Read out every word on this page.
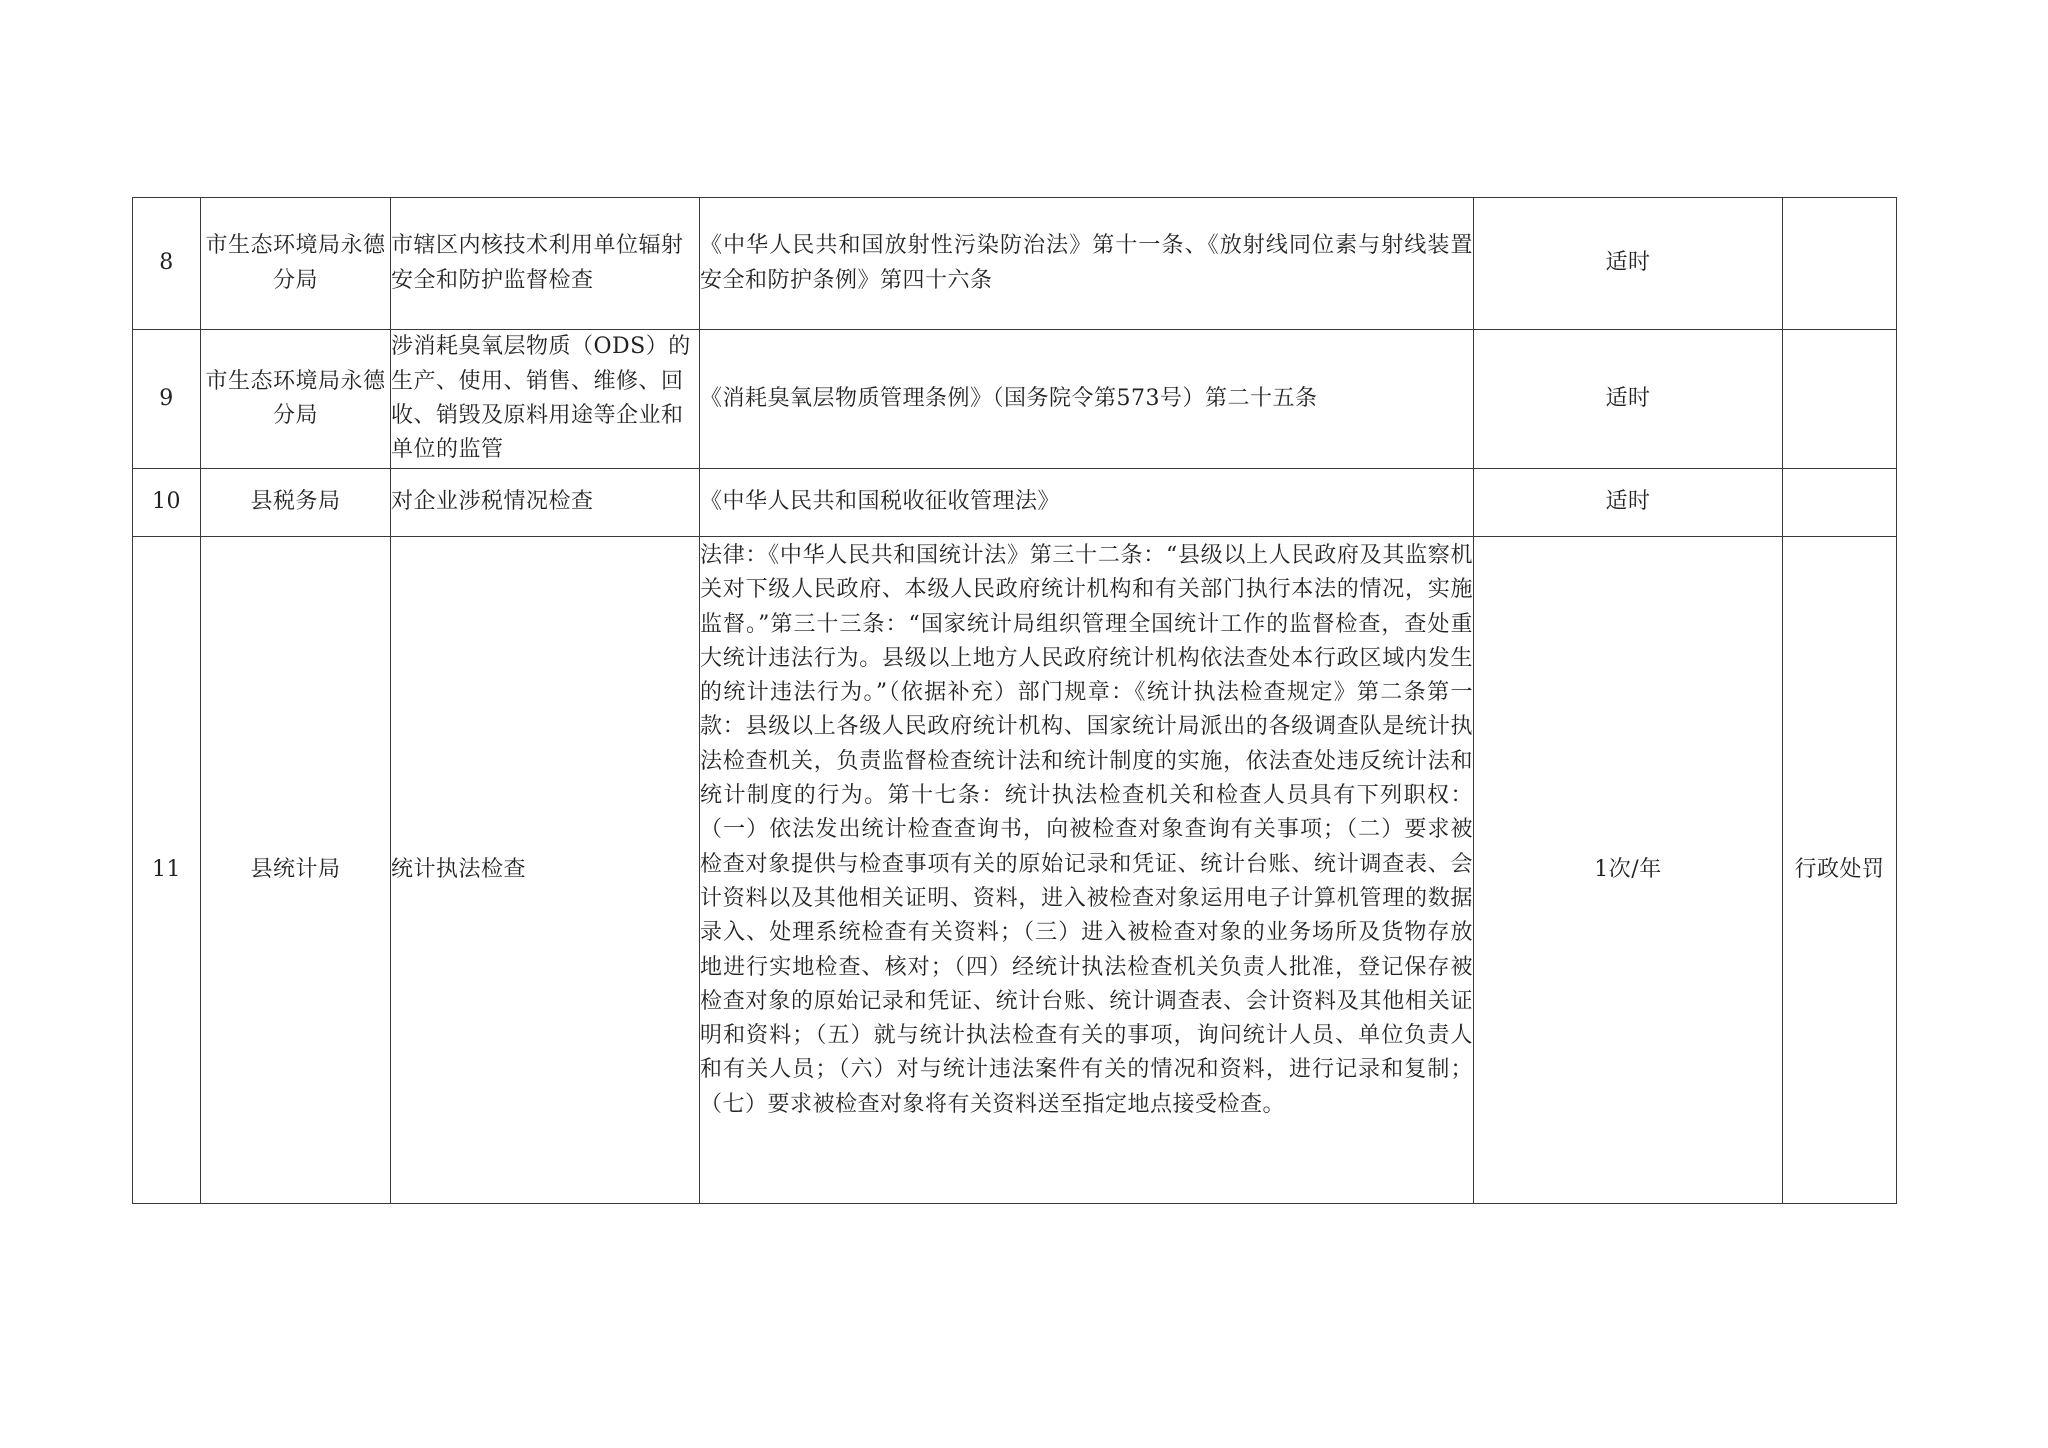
8	市生态环境局永德分局	市辖区内核技术利用单位辐射安全和防护监督检查	《中华人民共和国放射性污染防治法》第十一条、《放射线同位素与射线装置安全和防护条例》第四十六条	适时	
9	市生态环境局永德分局	涉消耗臭氧层物质（ODS）的生产、使用、销售、维修、回收、销毁及原料用途等企业和单位的监管	《消耗臭氧层物质管理条例》（国务院令第573号）第二十五条	适时	
10	县税务局	对企业涉税情况检查	《中华人民共和国税收征收管理法》	适时	
11	县统计局	统计执法检查	法律：《中华人民共和国统计法》第三十二条：“县级以上人民政府及其监察机关对下级人民政府、本级人民政府统计机构和有关部门执行本法的情况，实施监督。”第三十三条：“国家统计局组织管理全国统计工作的监督检查，查处重大统计违法行为。县级以上地方人民政府统计机构依法查处本行政区域内发生的统计违法行为。”（依据补充）部门规章：《统计执法检查规定》第二条第一款：县级以上各级人民政府统计机构、国家统计局派出的各级调查队是统计执法检查机关，负责监督检查统计法和统计制度的实施，依法查处违反统计法和统计制度的行为。第十七条：统计执法检查机关和检查人员具有下列职权：（一）依法发出统计检查查询书，向被检查对象查询有关事项；（二）要求被检查对象提供与检查事项有关的原始记录和凭证、统计台账、统计调查表、会计资料以及其他相关证明、资料，进入被检查对象运用电子计算机管理的数据录入、处理系统检查有关资料；（三）进入被检查对象的业务场所及货物存放地进行实地检查、核对；（四）经统计执法检查机关负责人批准，登记保存被检查对象的原始记录和凭证、统计台账、统计调查表、会计资料及其他相关证明和资料；（五）就与统计执法检查有关的事项，询问统计人员、单位负责人和有关人员；（六）对与统计违法案件有关的情况和资料，进行记录和复制；（七）要求被检查对象将有关资料送至指定地点接受检查。	1次/年	行政处罚
